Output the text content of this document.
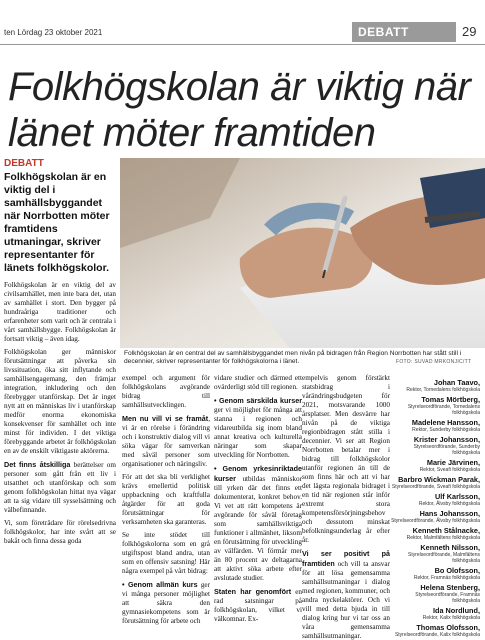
ten Lördag 23 oktober 2021	DEBATT	29
Folkhögskolan är viktig när länet möter framtiden
DEBATT
Folkhögskolan är en viktig del i samhällsbyggandet när Norrbotten möter framtidens utmaningar, skriver representanter för länets folkhögskolor.

Folkhögskolan är en viktig del av civilsamhället, men inte bara det, utan av samhället i stort. Den bygger på hundraåriga traditioner och erfarenheter som varit och är centrala i vårt samhällsbygge. Folkhögskolan är fortsatt viktig – även idag.

Folkhögskolan ger människor förutsättningar att påverka sin livssituation, öka sitt inflytande och samhällsengagemang, den främjar integration, inkludering och den förebygger utanförskap. Det är inget nytt att en människas liv i utanförskap medför enorma ekonomiska konsekvenser för samhället och inte minst för individen. I det viktiga förebyggande arbetet är folkhögskolan en av de enskilt viktigaste aktörerna.

Det finns åtskilliga berättelser om personer som gått från ett liv i utsatthet och utanförskap och som genom folkhögskolan hittat nya vägar att ta sig vidare till sysselsättning och välbefinnande.

Vi, som företrädare för rörelsedrivna folkhögskolor, har inte svårt att se bakåt och finna dessa goda

Folkhögskolan är en central del av samhällsbyggandet men nivån på bidragen från Region Norrbotten har stått still i decennier, skriver representanter för folkhögskolorna i länet.	FOTO: SUVAD MRKONJIC/TT

exempel och argument för folkhögskolans avgörande bidrag till samhällsutvecklingen.

Men nu vill vi se framåt, vi är en rörelse i förändring och i konstruktiv dialog vill vi söka vägar för samverkan med såväl personer som organisationer och näringsliv.

För att det ska bli verklighet krävs emellertid politisk uppbackning och kraftfulla åtgärder för att goda förutsättningar för verksamheten ska garanteras.

Se inte stödet till folkhögskolorna som en grå utgiftspost bland andra, utan som en offensiv satsning! Här några exempel på vårt bidrag:

• Genom allmän kurs ger vi många personer möjlighet att säkra den gymnasiekompetens som är förutsättning för arbete och

vidare studier och därmed ett ovärderligt stöd till regionen.

• Genom särskilda kurser ger vi möjlighet för många att stanna i regionen och vidareutbilda sig inom bland annat kreativa och kulturella näringar som skapar utveckling för Norrbotten.

• Genom yrkesinriktade kurser utbildas människor till yrken där det finns ett dokumenterat, konkret behov. Vi vet att rätt kompetens är avgörande för såväl företag som samhällsviktiga funktioner i allmänhet, liksom en förutsättning för utveckling av välfärden. Vi förmår mer än 80 procent av deltagarna att aktivt söka arbete efter avslutade studier.

Staten har genomfört en rad satsningar på folkhögskolan, vilket vi välkomnar. Ex-

empelvis genom förstärkt statsbidrag i vårändringsbudgeten för 2021, motsvarande 1000 årsplatser. Men desvärre har nivån på de viktiga regionbidragen stått stilla i decennier. Vi ser att Region Norrbotten betalar mer i bidrag till folkhögskolor utanför regionen än till de som finns här och att vi har det lägsta regionala bidraget i en tid när regionen står inför extremt stora kompetensförsörjningsbehov och dessutom minskat befolkningsunderlag år efter år.

Vi ser positivt på framtiden och vill ta ansvar för att lösa gemensamma samhällsutmaningar i dialog med regionen, kommuner, och andra nyckelaktörer. Och vi vill med detta bjuda in till dialog kring hur vi tar oss an våra gemensamma samhällsutmaningar.

Johan Taavo,
Rektor, Tornedalens folkhögskola
Tomas Mörtberg,
Styrelseordförande, Tornedalens folkhögskola
Madelene Hansson,
Rektor, Sunderby folkhögskola
Krister Johansson,
Styrelseordförande, Sunderby folkhögskola
Marie Järvinen,
Rektor, Sveafi folkhögskola
Barbro Wickman Parak,
Styrelseordförande, Sveafi folkhögskola
Ulf Karlsson,
Rektor, Älvsby folkhögskola
Hans Johansson,
Styrelseordförande, Älvsby folkhögskola
Kenneth Stålnacke,
Rektor, Malmfältens folkhögskola
Kenneth Nilsson,
Styrelseordförande, Malmfältens folkhögskola
Bo Olofsson,
Rektor, Framnäs folkhögskola
Helena Stenberg,
Styrelseordförande, Framnäs folkhögskola
Ida Nordlund,
Rektor, Kalix folkhögskola
Thomas Olofsson,
Styrelseordförande, Kalix folkhögskola
